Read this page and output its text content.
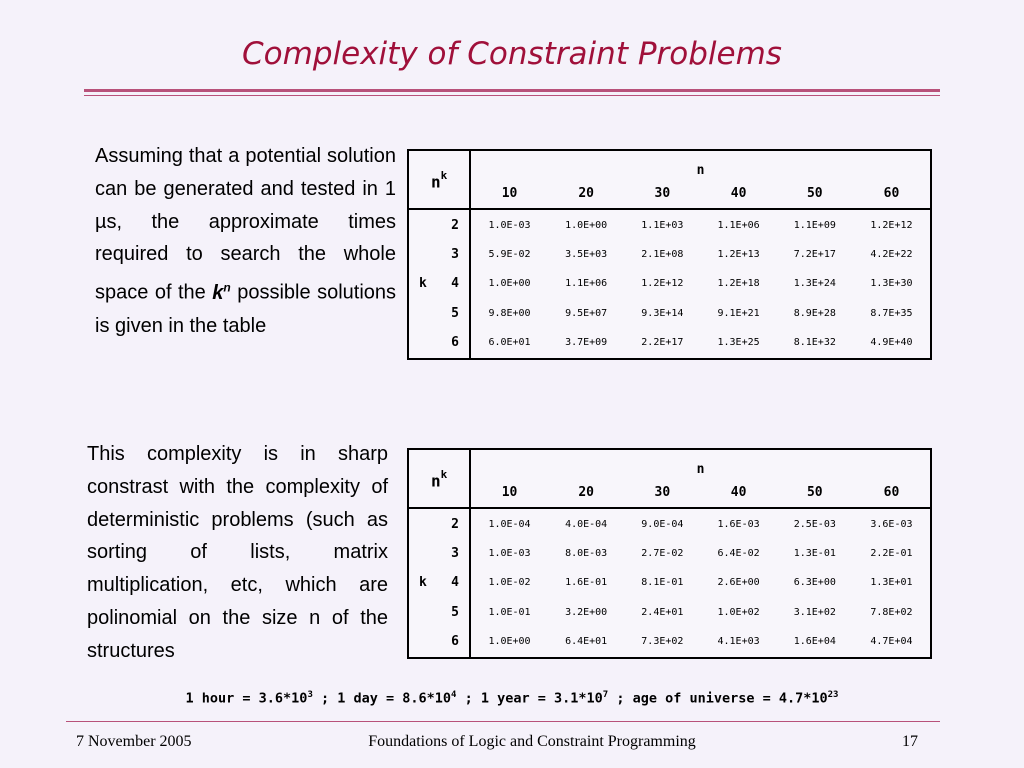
Complexity of Constraint Problems
Assuming that a potential solution can be generated and tested in 1 µs, the approximate times required to search the whole space of the $k^n$ possible solutions is given in the table
$n^k$	n					
	10	20	30	40	50	60
2	1.0E-03	1.0E+00	1.1E+03	1.1E+06	1.1E+09	1.2E+12
3	5.9E-02	3.5E+03	2.1E+08	1.2E+13	7.2E+17	4.2E+22

k 4	1.0E+00	1.1E+06	1.2E+12	1.2E+18	1.3E+24	1.3E+30
5	9.8E+00	9.5E+07	9.3E+14	9.1E+21	8.9E+28	8.7E+35
6	6.0E+01	3.7E+09	2.2E+17	1.3E+25	8.1E+32	4.9E+40
This complexity is in sharp constrast with the complexity of deterministic problems (such as sorting of lists, matrix multiplication, etc, which are polinomial on the size n of the structures
$n^k$	n					
	10	20	30	40	50	60
2	1.0E-04	4.0E-04	9.0E-04	1.6E-03	2.5E-03	3.6E-03
3	1.0E-03	8.0E-03	2.7E-02	6.4E-02	1.3E-01	2.2E-01

k 4	1.0E-02	1.6E-01	8.1E-01	2.6E+00	6.3E+00	1.3E+01
5	1.0E-01	3.2E+00	2.4E+01	1.0E+02	3.1E+02	7.8E+02
6	1.0E+00	6.4E+01	7.3E+02	4.1E+03	1.6E+04	4.7E+04
1 hour = $3.6*10^3$ ; 1 day = $8.6*10^4$ ; 1 year = $3.1*10^7$ ; age of universe = $4.7*10^{23}$
7 November 2005	Foundations of Logic and Constraint Programming	17
